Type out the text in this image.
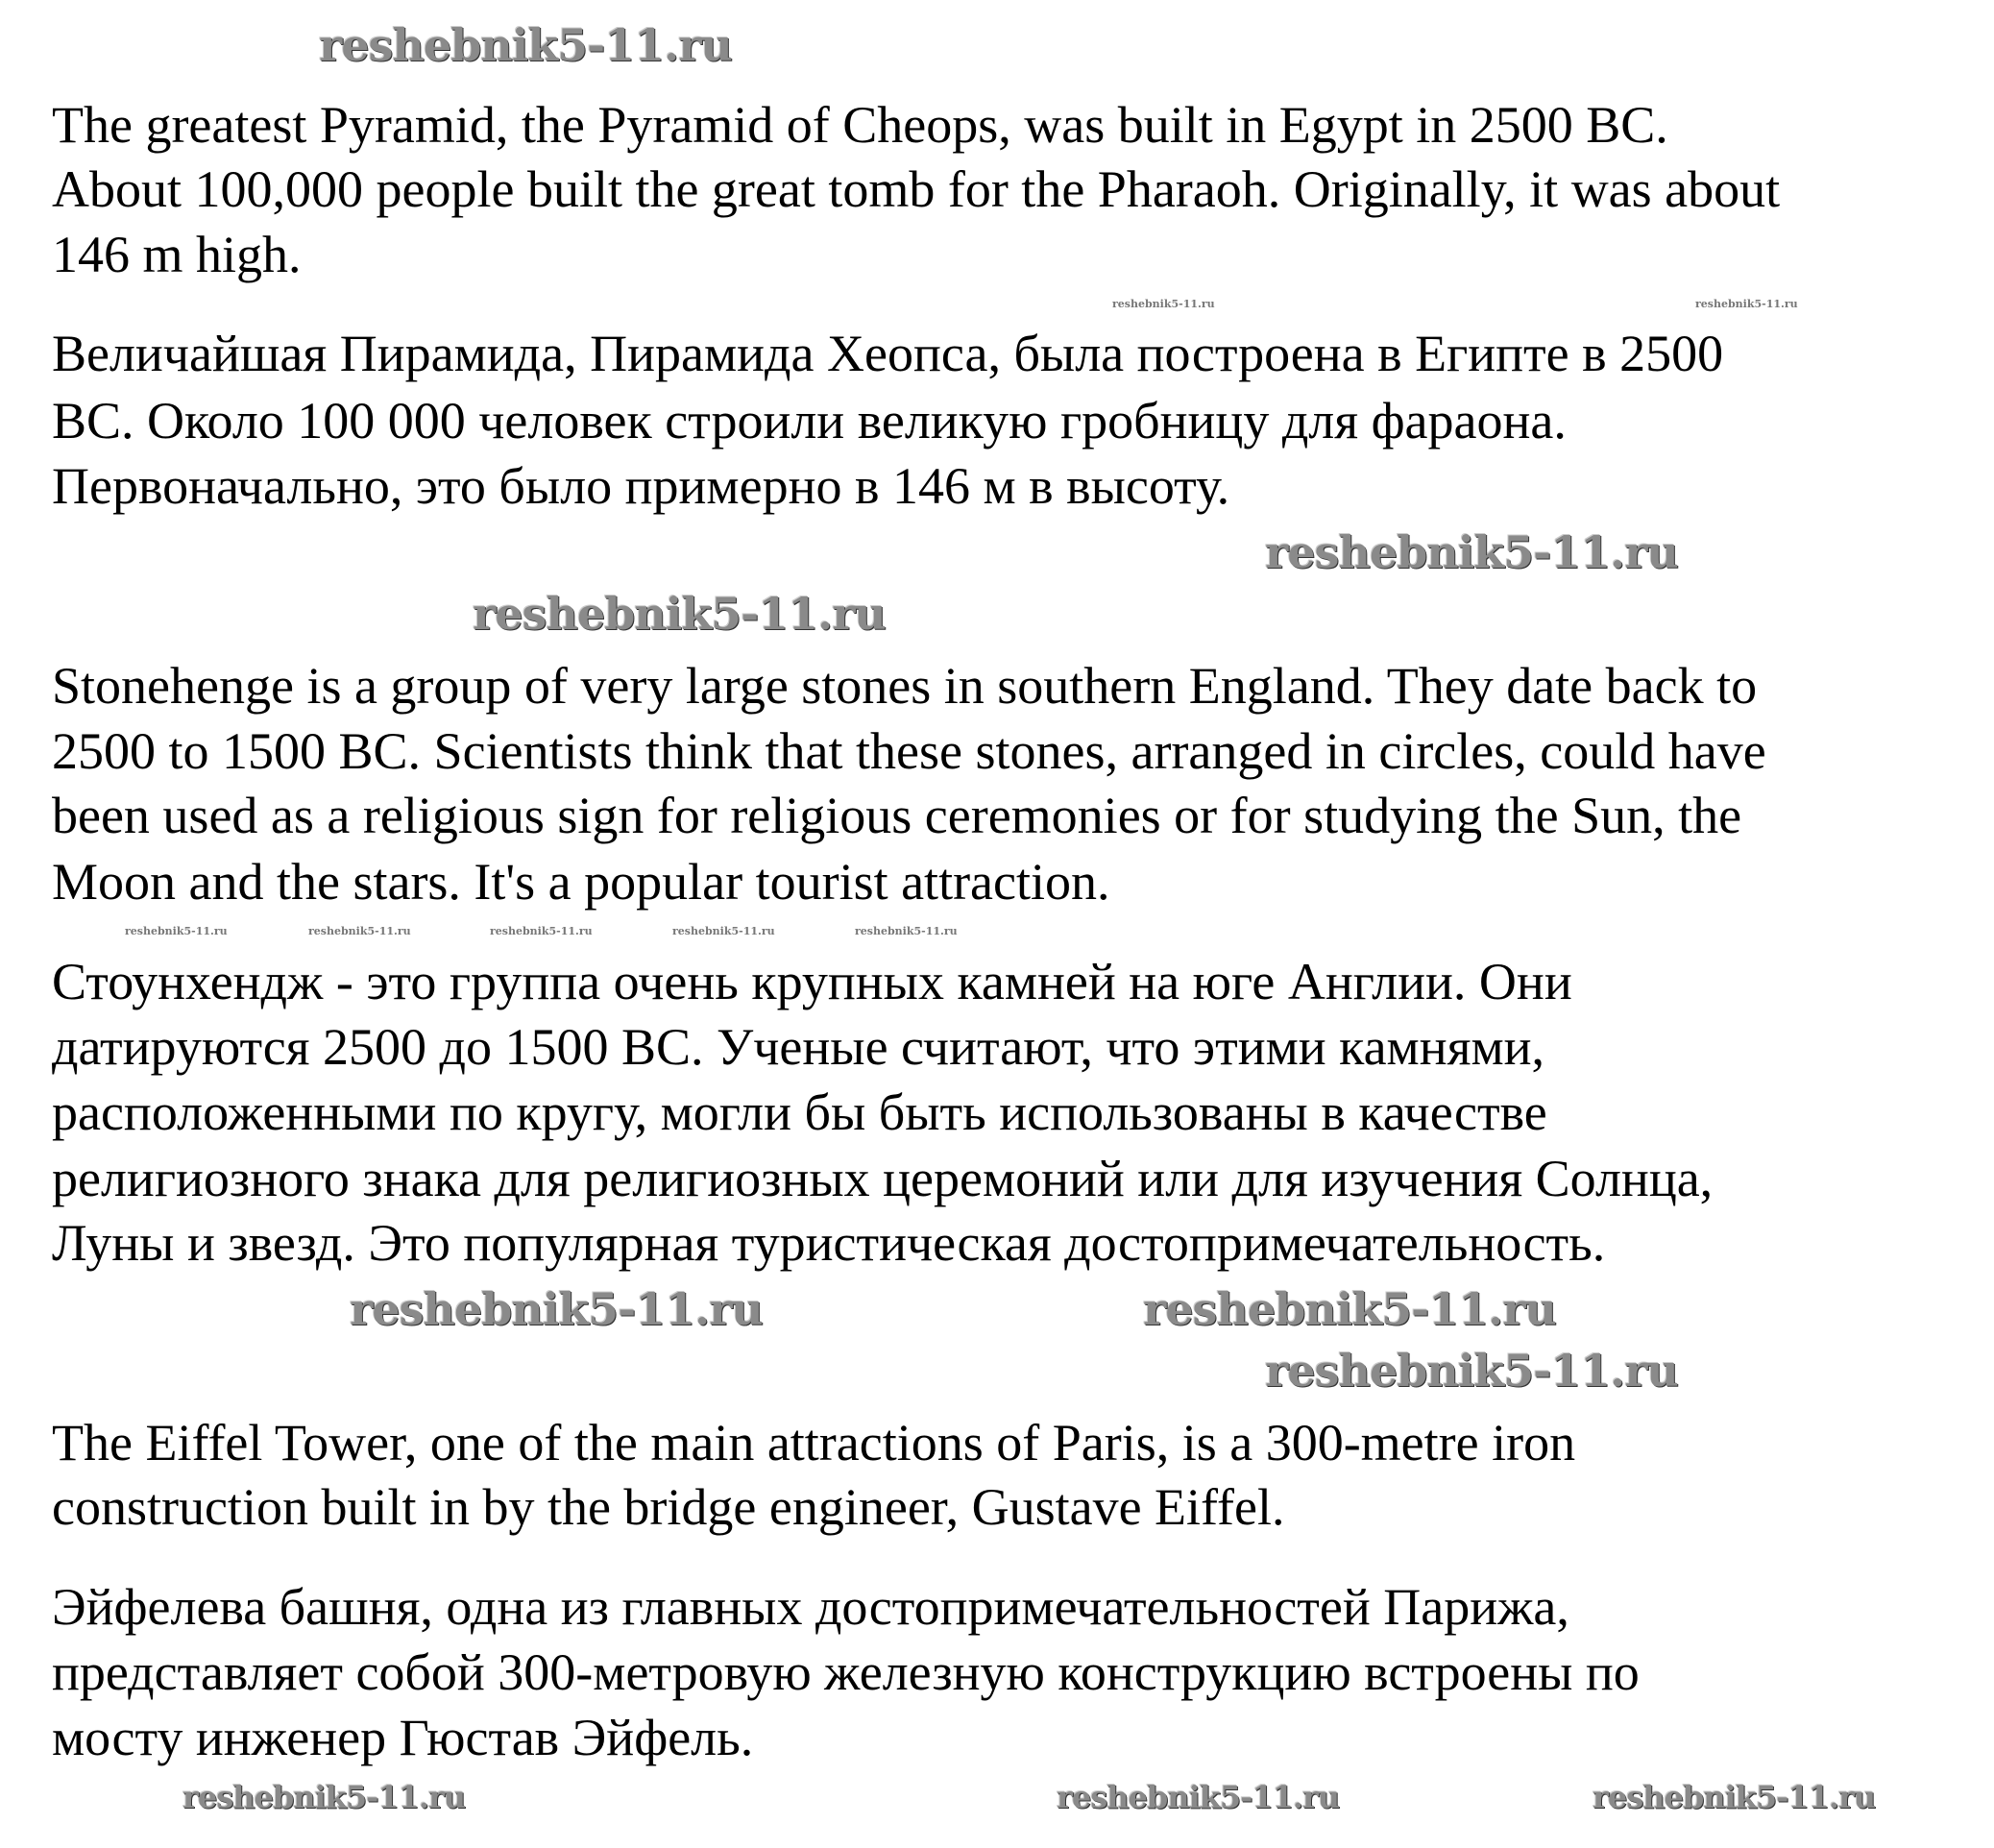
The greatest Pyramid, the Pyramid of Cheops, was built in Egypt in 2500 BC.
About 100,000 people built the great tomb for the Pharaoh. Originally, it was about
146 m high.
Величайшая Пирамида, Пирамида Хеопса, была построена в Египте в 2500
BC. Около 100 000 человек строили великую гробницу для фараона.
Первоначально, это было примерно в 146 м в высоту.
Stonehenge is a group of very large stones in southern England. They date back to
2500 to 1500 BC. Scientists think that these stones, arranged in circles, could have
been used as a religious sign for religious ceremonies or for studying the Sun, the
Moon and the stars. It's a popular tourist attraction.
Стоунхендж - это группа очень крупных камней на юге Англии. Они
датируются 2500 до 1500 BC. Ученые считают, что этими камнями,
расположенными по кругу, могли бы быть использованы в качестве
религиозного знака для религиозных церемоний или для изучения Солнца,
Луны и звезд. Это популярная туристическая достопримечательность.
The Eiffel Tower, one of the main attractions of Paris, is a 300-metre iron
construction built in by the bridge engineer, Gustave Eiffel.
Эйфелева башня, одна из главных достопримечательностей Парижа,
представляет собой 300-метровую железную конструкцию встроены по
мосту инженер Гюстав Эйфель.
reshebnik5-11.ru
reshebnik5-11.ru
reshebnik5-11.ru
reshebnik5-11.ru
reshebnik5-11.ru	reshebnik5-11.ru
reshebnik5-11.ru	reshebnik5-11.ru	reshebnik5-11.ru
reshebnik5-11.ru	reshebnik5-11.ru
reshebnik5-11.ru	reshebnik5-11.ru	reshebnik5-11.ru	reshebnik5-11.ru	reshebnik5-11.ru
